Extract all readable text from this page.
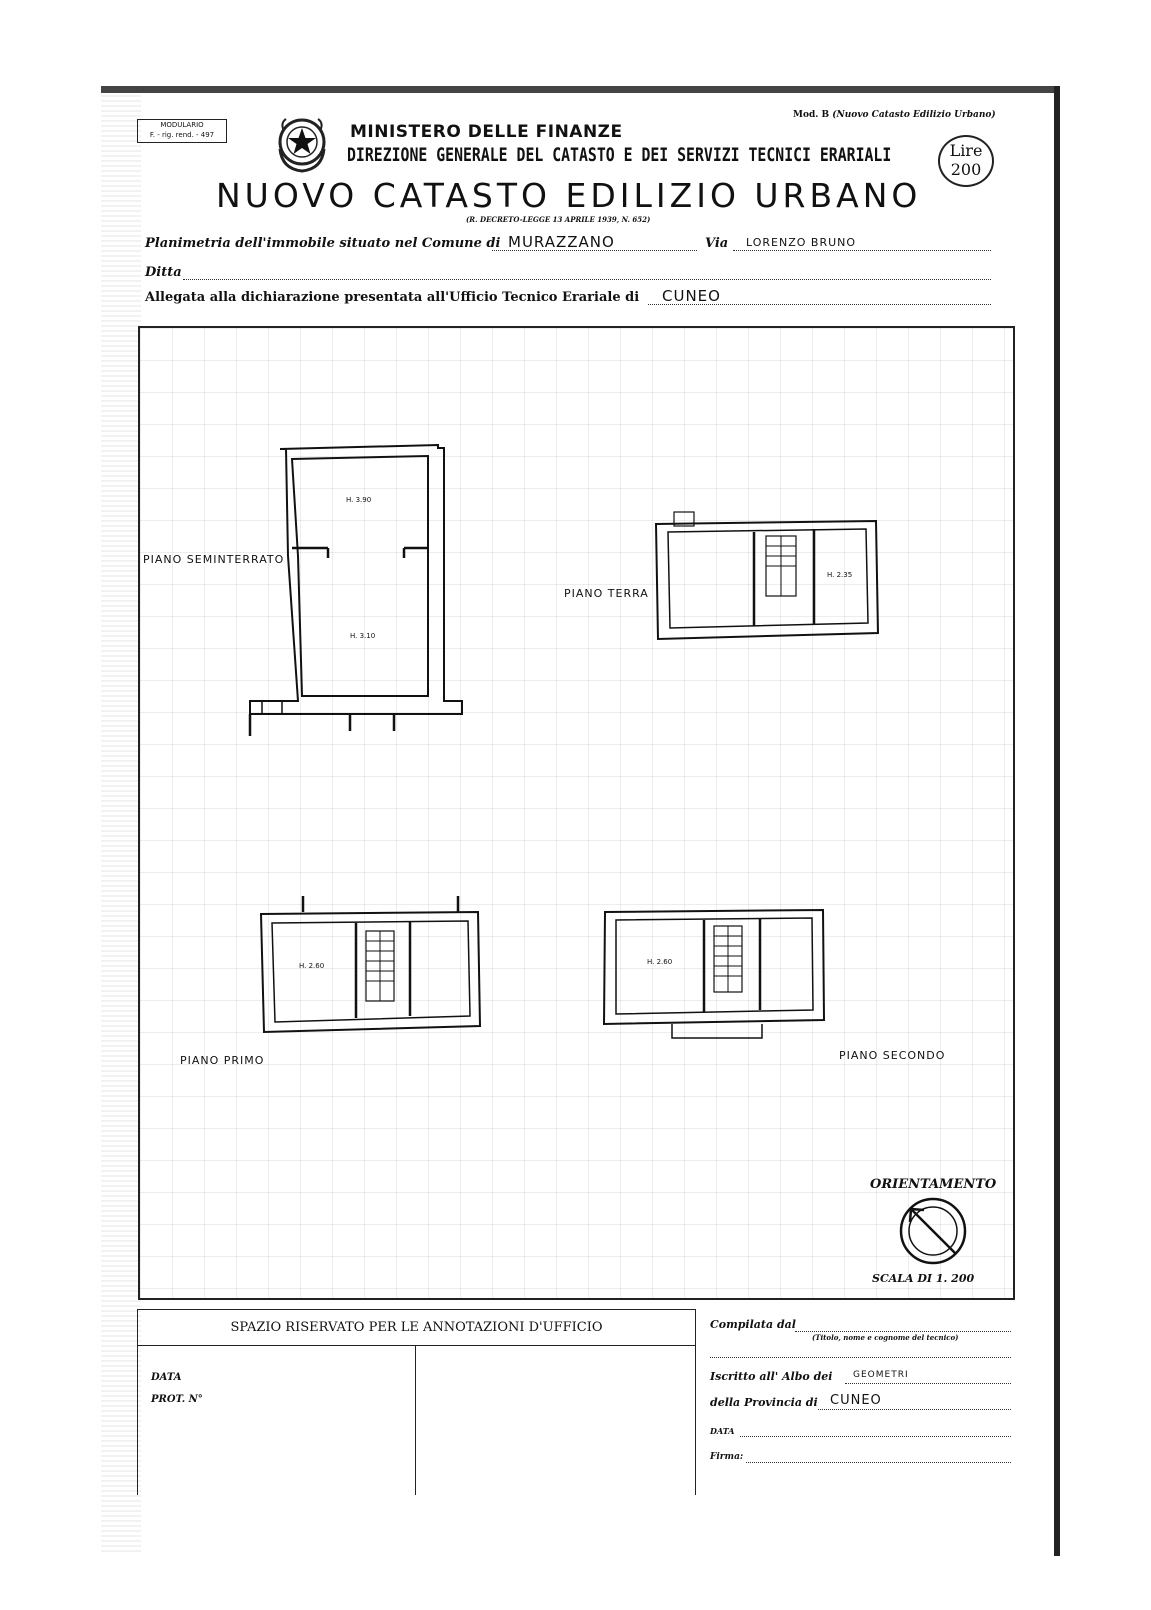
MODULARIO
F. - rig. rend. - 497	MINISTERO DELLE FINANZE
DIREZIONE GENERALE DEL CATASTO E DEI SERVIZI TECNICI ERARIALI
NUOVO CATASTO EDILIZIO URBANO
(R. DECRETO-LEGGE 13 APRILE 1939, N. 652)
Mod. B (Nuovo Catasto Edilizio Urbano)
Lire
200
Planimetria dell'immobile situato nel Comune di MURAZZANO	Via LORENZO BRUNO
Ditta
Allegata alla dichiarazione presentata all'Ufficio Tecnico Erariale di CUNEO
PIANO SEMINTERRATO
H. 3.90
H. 3.10
PIANO TERRA
H. 2.35
PIANO PRIMO
H. 2.60
PIANO SECONDO
H. 2.60
ORIENTAMENTO
SCALA DI 1. 200
SPAZIO RISERVATO PER LE ANNOTAZIONI D'UFFICIO
DATA
PROT. N°
Compilata dal
(Titolo, nome e cognome del tecnico)
Iscritto all' Albo dei GEOMETRI
della Provincia di CUNEO
DATA
Firma:
